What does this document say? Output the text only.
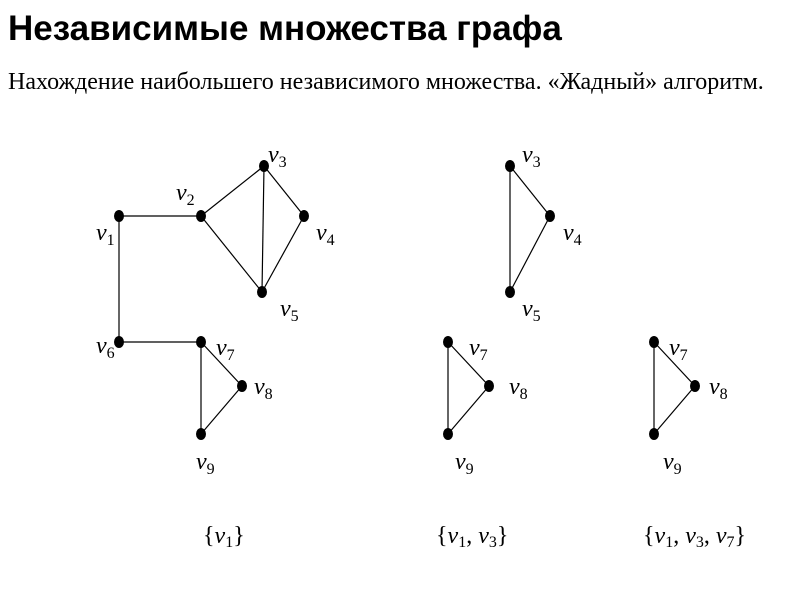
Независимые множества графа

Нахождение наибольшего независимого множества. «Жадный» алгоритм.

$v_1$
$v_2$
$v_3$
$v_4$
$v_5$
$v_6$	$v_7$
$v_8$
$v_9$
$v_3$
$v_4$
$v_5$
$v_7$
$v_8$
$v_9$
$v_7$
$v_8$
$v_9$
$\{v_1\}$	{$v_1$, $v_3$}	{$v_1$, $v_3$, $v_7$}
